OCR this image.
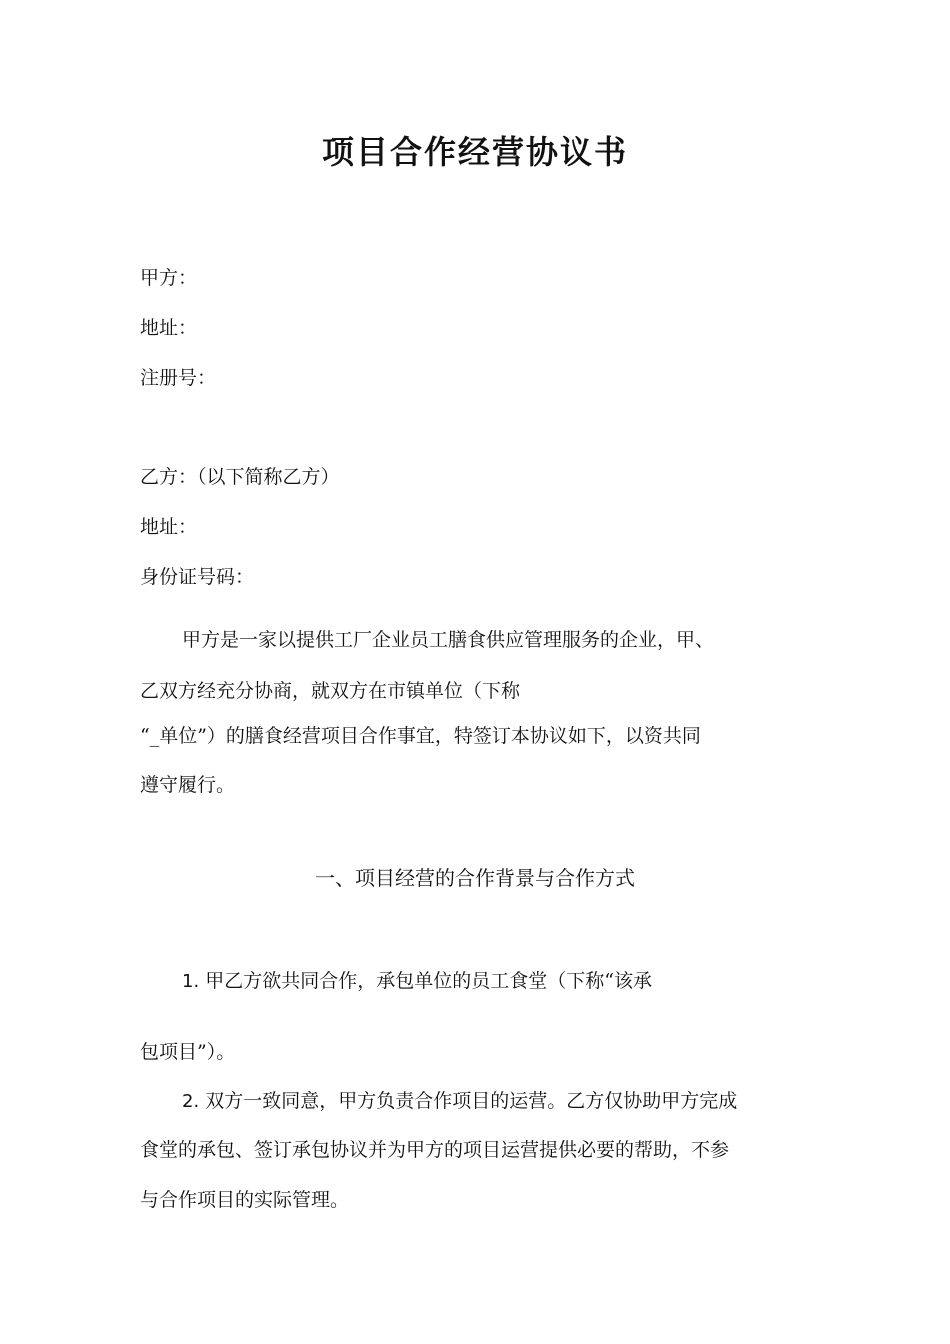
项目合作经营协议书
甲方：
地址：
注册号：
乙方：（以下简称乙方）
地址：
身份证号码：
甲方是一家以提供工厂企业员工膳食供应管理服务的企业，甲、
乙双方经充分协商，就双方在市镇单位（下称
“_单位”）的膳食经营项目合作事宜，特签订本协议如下，以资共同
遵守履行。
一、项目经营的合作背景与合作方式
1. 甲乙方欲共同合作，承包单位的员工食堂（下称“该承
包项目”）。
2. 双方一致同意，甲方负责合作项目的运营。乙方仅协助甲方完成
食堂的承包、签订承包协议并为甲方的项目运营提供必要的帮助，不参
与合作项目的实际管理。
